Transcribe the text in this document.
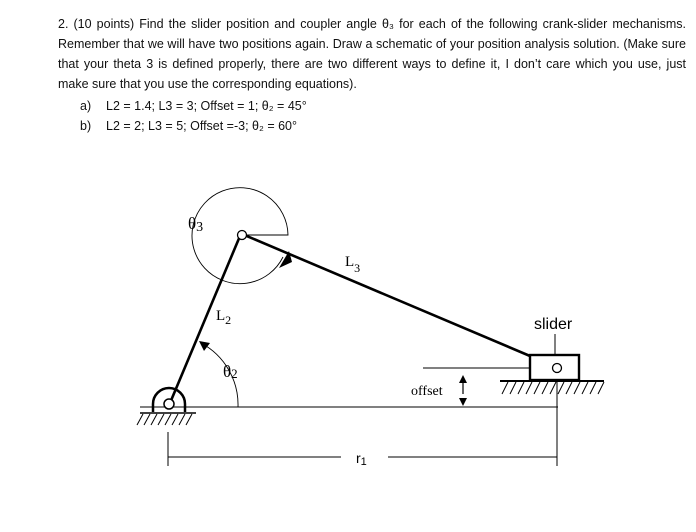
2. (10 points) Find the slider position and coupler angle θ₃ for each of the following crank-slider mechanisms. Remember that we will have two positions again. Draw a schematic of your position analysis solution. (Make sure that your theta 3 is defined properly, there are two different ways to define it, I don’t care which you use, just make sure that you use the corresponding equations).

a)	L2 = 1.4; L3 = 3; Offset = 1; θ₂ = 45°
b)	L2 = 2; L3 = 5; Offset =-3; θ₂ = 60°
θ3
$L_2$
$L_3$
θ2
slider
offset
r1
